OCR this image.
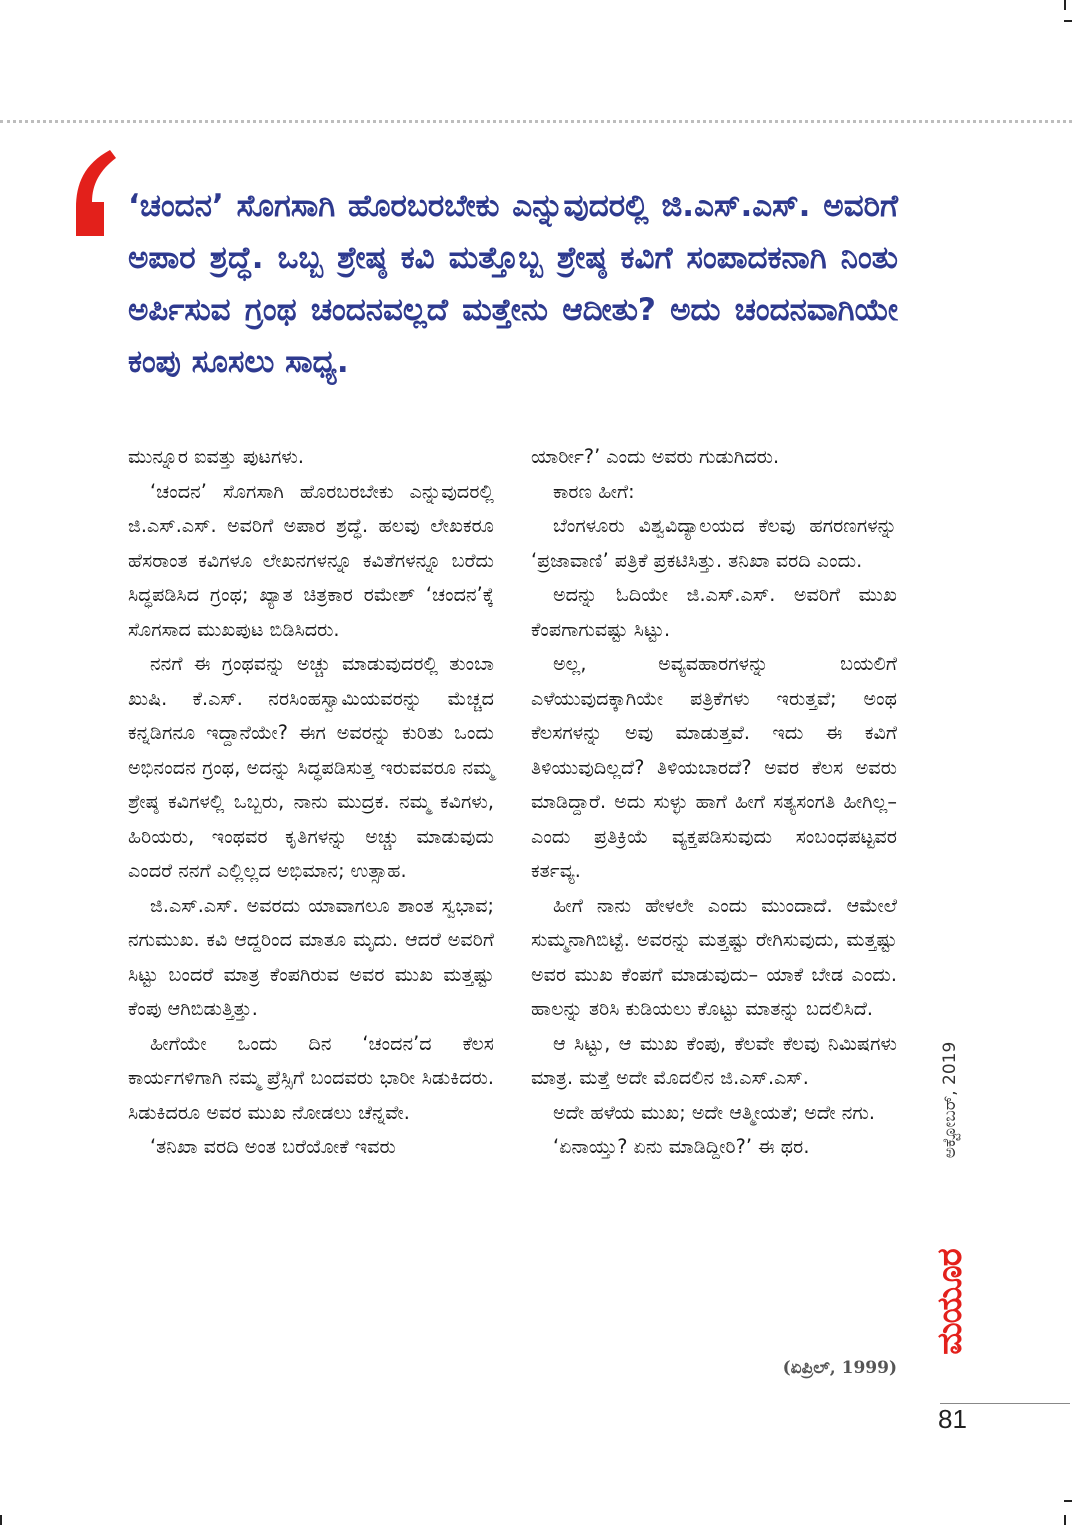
‘ಚಂದನ’ ಸೊಗಸಾಗಿ ಹೊರಬರಬೇಕು ಎನ್ನುವುದರಲ್ಲಿ ಜಿ.ಎಸ್.ಎಸ್. ಅವರಿಗೆ ಅಪಾರ ಶ್ರದ್ಧೆ. ಒಬ್ಬ ಶ್ರೇಷ್ಠ ಕವಿ ಮತ್ತೊಬ್ಬ ಶ್ರೇಷ್ಠ ಕವಿಗೆ ಸಂಪಾದಕನಾಗಿ ನಿಂತು ಅರ್ಪಿಸುವ ಗ್ರಂಥ ಚಂದನವಲ್ಲದೆ ಮತ್ತೇನು ಆದೀತು? ಅದು ಚಂದನವಾಗಿಯೇ ಕಂಪು ಸೂಸಲು ಸಾಧ್ಯ.

ಮುನ್ನೂರ ಐವತ್ತು ಪುಟಗಳು.

‘ಚಂದನ’ ಸೊಗಸಾಗಿ ಹೊರಬರಬೇಕು ಎನ್ನುವುದರಲ್ಲಿ ಜಿ.ಎಸ್.ಎಸ್. ಅವರಿಗೆ ಅಪಾರ ಶ್ರದ್ಧೆ. ಹಲವು ಲೇಖಕರೂ ಹೆಸರಾಂತ ಕವಿಗಳೂ ಲೇಖನಗಳನ್ನೂ ಕವಿತೆಗಳನ್ನೂ ಬರೆದು ಸಿದ್ಧಪಡಿಸಿದ ಗ್ರಂಥ; ಖ್ಯಾತ ಚಿತ್ರಕಾರ ರಮೇಶ್ ‘ಚಂದನ’ಕ್ಕೆ ಸೊಗಸಾದ ಮುಖಪುಟ ಬಿಡಿಸಿದರು.

ನನಗೆ ಈ ಗ್ರಂಥವನ್ನು ಅಚ್ಚು ಮಾಡುವುದರಲ್ಲಿ ತುಂಬಾ ಖುಷಿ. ಕೆ.ಎಸ್. ನರಸಿಂಹಸ್ವಾಮಿಯವರನ್ನು ಮೆಚ್ಚದ ಕನ್ನಡಿಗನೂ ಇದ್ದಾನೆಯೇ? ಈಗ ಅವರನ್ನು ಕುರಿತು ಒಂದು ಅಭಿನಂದನ ಗ್ರಂಥ, ಅದನ್ನು ಸಿದ್ಧಪಡಿಸುತ್ತ ಇರುವವರೂ ನಮ್ಮ ಶ್ರೇಷ್ಠ ಕವಿಗಳಲ್ಲಿ ಒಬ್ಬರು, ನಾನು ಮುದ್ರಕ. ನಮ್ಮ ಕವಿಗಳು, ಹಿರಿಯರು, ಇಂಥವರ ಕೃತಿಗಳನ್ನು ಅಚ್ಚು ಮಾಡುವುದು ಎಂದರೆ ನನಗೆ ಎಲ್ಲಿಲ್ಲದ ಅಭಿಮಾನ; ಉತ್ಸಾಹ.

ಜಿ.ಎಸ್.ಎಸ್. ಅವರದು ಯಾವಾಗಲೂ ಶಾಂತ ಸ್ವಭಾವ; ನಗುಮುಖ. ಕವಿ ಆದ್ದರಿಂದ ಮಾತೂ ಮೃದು. ಆದರೆ ಅವರಿಗೆ ಸಿಟ್ಟು ಬಂದರೆ ಮಾತ್ರ ಕೆಂಪಗಿರುವ ಅವರ ಮುಖ ಮತ್ತಷ್ಟು ಕೆಂಪು ಆಗಿಬಿಡುತ್ತಿತ್ತು.

ಹೀಗೆಯೇ ಒಂದು ದಿನ ‘ಚಂದನ’ದ ಕೆಲಸ ಕಾರ್ಯಗಳಿಗಾಗಿ ನಮ್ಮ ಪ್ರೆಸ್ಸಿಗೆ ಬಂದವರು ಭಾರೀ ಸಿಡುಕಿದರು. ಸಿಡುಕಿದರೂ ಅವರ ಮುಖ ನೋಡಲು ಚೆನ್ನವೇ.

‘ತನಿಖಾ ವರದಿ ಅಂತ ಬರೆಯೋಕೆ ಇವರು

ಯಾರ್ರೀ?’ ಎಂದು ಅವರು ಗುಡುಗಿದರು.

ಕಾರಣ ಹೀಗೆ:

ಬೆಂಗಳೂರು ವಿಶ್ವವಿದ್ಯಾಲಯದ ಕೆಲವು ಹಗರಣಗಳನ್ನು ‘ಪ್ರಜಾವಾಣಿ’ ಪತ್ರಿಕೆ ಪ್ರಕಟಿಸಿತ್ತು. ತನಿಖಾ ವರದಿ ಎಂದು.

ಅದನ್ನು ಓದಿಯೇ ಜಿ.ಎಸ್.ಎಸ್. ಅವರಿಗೆ ಮುಖ ಕೆಂಪಗಾಗುವಷ್ಟು ಸಿಟ್ಟು.

ಅಲ್ಲ, ಅವ್ಯವಹಾರಗಳನ್ನು ಬಯಲಿಗೆ ಎಳೆಯುವುದಕ್ಕಾಗಿಯೇ ಪತ್ರಿಕೆಗಳು ಇರುತ್ತವೆ; ಅಂಥ ಕೆಲಸಗಳನ್ನು ಅವು ಮಾಡುತ್ತವೆ. ಇದು ಈ ಕವಿಗೆ ತಿಳಿಯುವುದಿಲ್ಲದೆ? ತಿಳಿಯಬಾರದೆ? ಅವರ ಕೆಲಸ ಅವರು ಮಾಡಿದ್ದಾರೆ. ಅದು ಸುಳ್ಳು ಹಾಗೆ ಹೀಗೆ ಸತ್ಯಸಂಗತಿ ಹೀಗಿಲ್ಲ– ಎಂದು ಪ್ರತಿಕ್ರಿಯೆ ವ್ಯಕ್ತಪಡಿಸುವುದು ಸಂಬಂಧಪಟ್ಟವರ ಕರ್ತವ್ಯ.

ಹೀಗೆ ನಾನು ಹೇಳಲೇ ಎಂದು ಮುಂದಾದೆ. ಆಮೇಲೆ ಸುಮ್ಮನಾಗಿಬಿಟ್ಟೆ. ಅವರನ್ನು ಮತ್ತಷ್ಟು ರೇಗಿಸುವುದು, ಮತ್ತಷ್ಟು ಅವರ ಮುಖ ಕೆಂಪಗೆ ಮಾಡುವುದು– ಯಾಕೆ ಬೇಡ ಎಂದು. ಹಾಲನ್ನು ತರಿಸಿ ಕುಡಿಯಲು ಕೊಟ್ಟು ಮಾತನ್ನು ಬದಲಿಸಿದೆ.

ಆ ಸಿಟ್ಟು, ಆ ಮುಖ ಕೆಂಪು, ಕೆಲವೇ ಕೆಲವು ನಿಮಿಷಗಳು ಮಾತ್ರ. ಮತ್ತೆ ಅದೇ ಮೊದಲಿನ ಜಿ.ಎಸ್.ಎಸ್.

ಅದೇ ಹಳೆಯ ಮುಖ; ಅದೇ ಆತ್ಮೀಯತೆ; ಅದೇ ನಗು.

‘ಏನಾಯ್ತು? ಏನು ಮಾಡಿದ್ದೀರಿ?’ ಈ ಥರ.

(ಏಪ್ರಿಲ್, 1999)
ಅಕ್ಟೋಬರ್, 2019
ಮಯೂರ
81
